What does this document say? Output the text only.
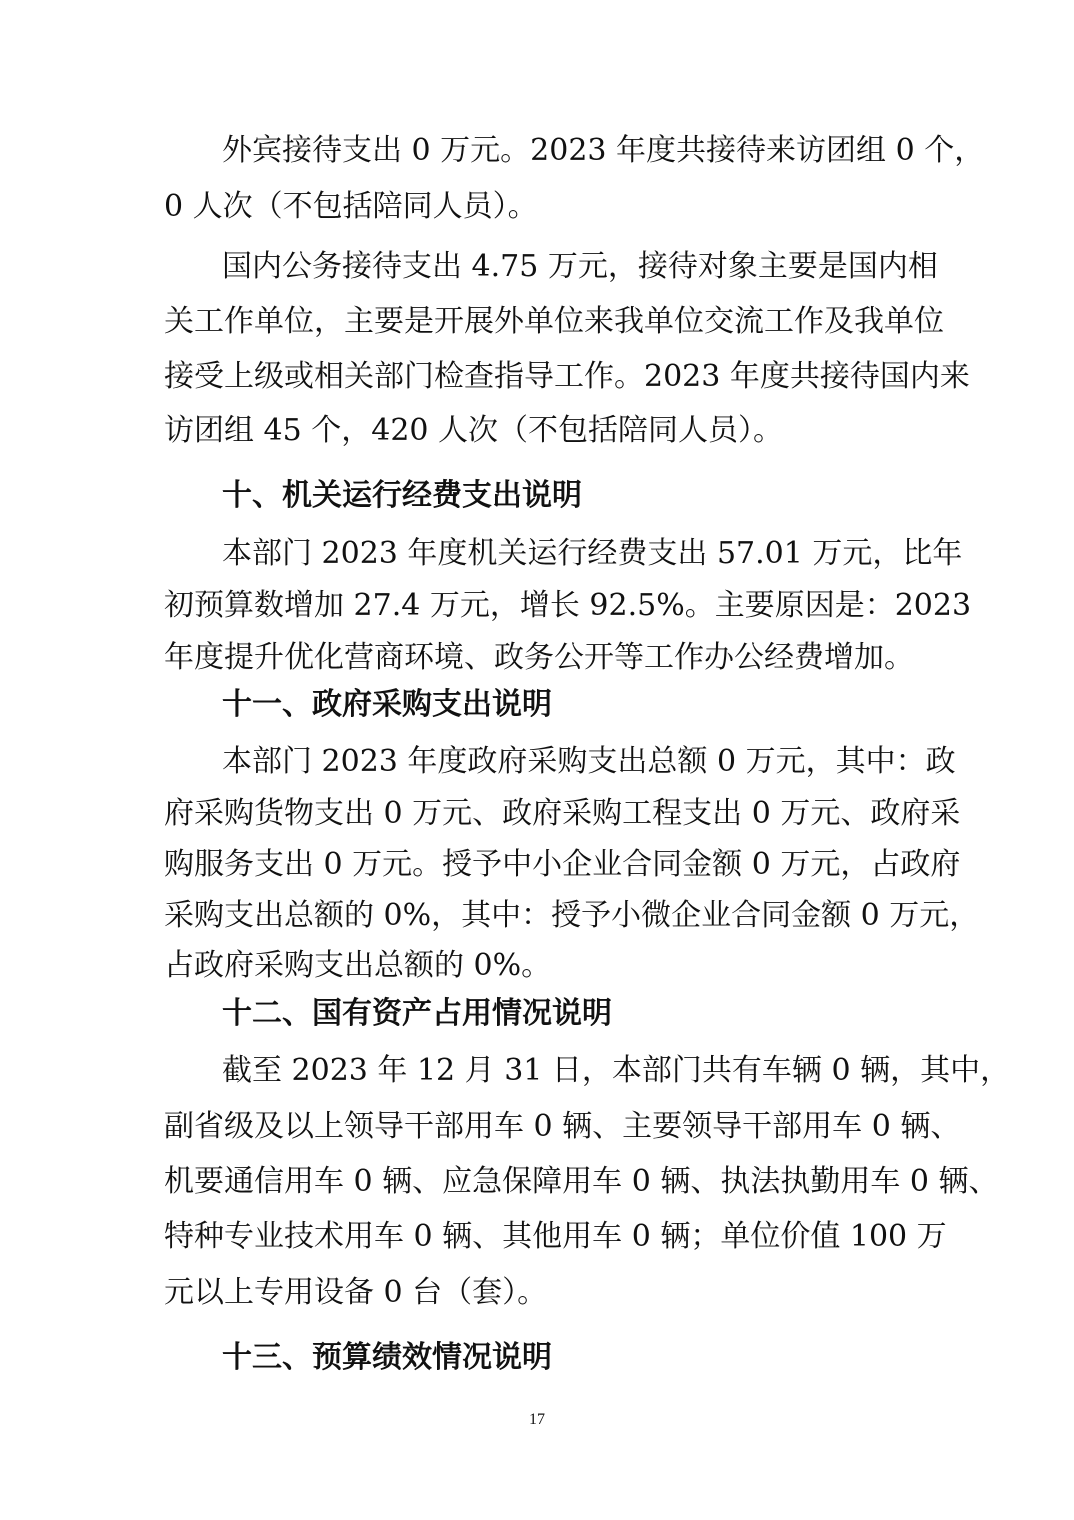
外宾接待支出 0 万元。2023 年度共接待来访团组 0 个，
0 人次（不包括陪同人员）。
国内公务接待支出 4.75 万元，接待对象主要是国内相
关工作单位，主要是开展外单位来我单位交流工作及我单位
接受上级或相关部门检查指导工作。2023 年度共接待国内来
访团组 45 个，420 人次（不包括陪同人员）。
十、机关运行经费支出说明
本部门 2023 年度机关运行经费支出 57.01 万元，比年
初预算数增加 27.4 万元，增长 92.5%。主要原因是：2023
年度提升优化营商环境、政务公开等工作办公经费增加。
十一、政府采购支出说明
本部门 2023 年度政府采购支出总额 0 万元，其中：政
府采购货物支出 0 万元、政府采购工程支出 0 万元、政府采
购服务支出 0 万元。授予中小企业合同金额 0 万元，占政府
采购支出总额的 0%，其中：授予小微企业合同金额 0 万元，
占政府采购支出总额的 0%。
十二、国有资产占用情况说明
截至 2023 年 12 月 31 日，本部门共有车辆 0 辆，其中，
副省级及以上领导干部用车 0 辆、主要领导干部用车 0 辆、
机要通信用车 0 辆、应急保障用车 0 辆、执法执勤用车 0 辆、
特种专业技术用车 0 辆、其他用车 0 辆；单位价值 100 万
元以上专用设备 0 台（套）。
十三、预算绩效情况说明
17
